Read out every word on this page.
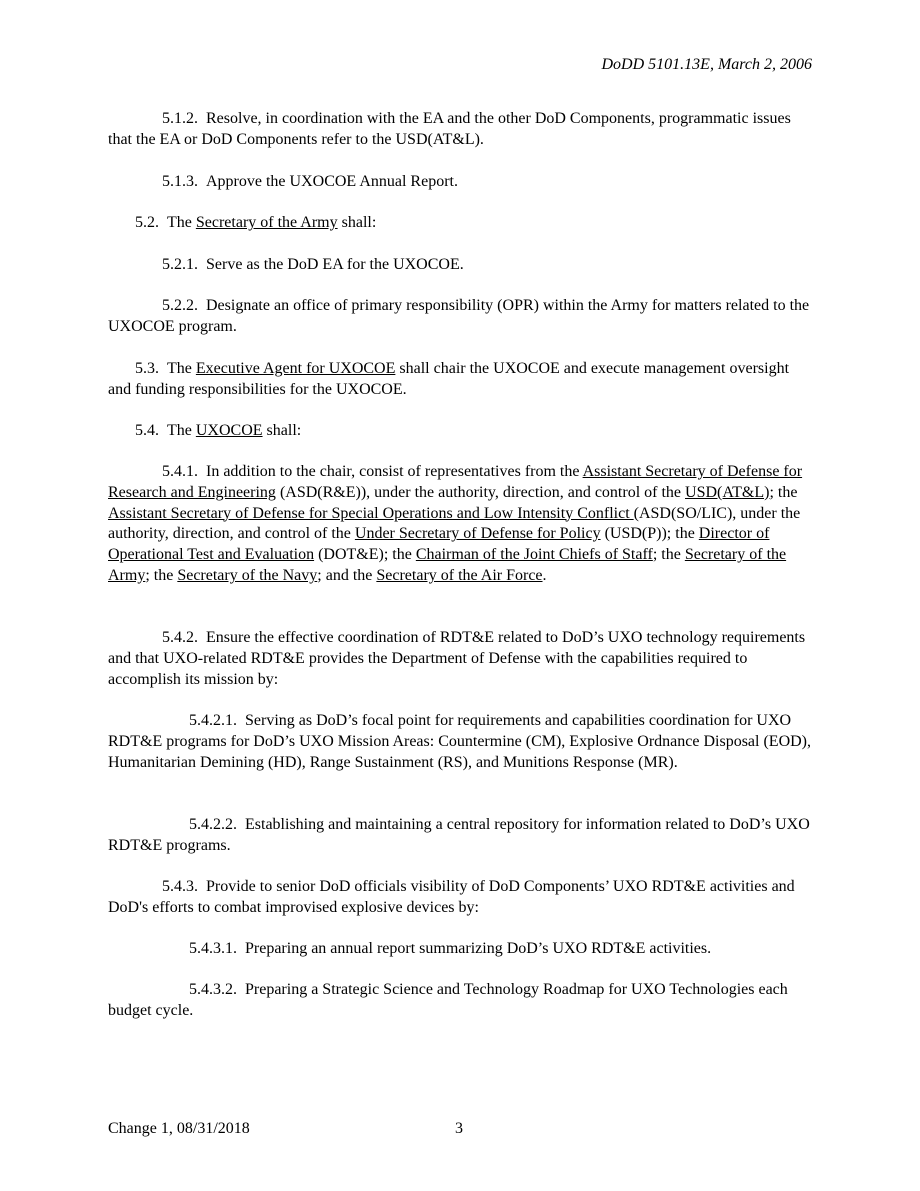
DoDD 5101.13E, March 2, 2006

5.1.2. Resolve, in coordination with the EA and the other DoD Components, programmatic issues that the EA or DoD Components refer to the USD(AT&L).

5.1.3. Approve the UXOCOE Annual Report.

5.2. The Secretary of the Army shall:

5.2.1. Serve as the DoD EA for the UXOCOE.

5.2.2. Designate an office of primary responsibility (OPR) within the Army for matters related to the UXOCOE program.

5.3. The Executive Agent for UXOCOE shall chair the UXOCOE and execute management oversight and funding responsibilities for the UXOCOE.

5.4. The UXOCOE shall:

5.4.1. In addition to the chair, consist of representatives from the Assistant Secretary of Defense for Research and Engineering (ASD(R&E)), under the authority, direction, and control of the USD(AT&L); the Assistant Secretary of Defense for Special Operations and Low Intensity Conflict (ASD(SO/LIC), under the authority, direction, and control of the Under Secretary of Defense for Policy (USD(P)); the Director of Operational Test and Evaluation (DOT&E); the Chairman of the Joint Chiefs of Staff; the Secretary of the Army; the Secretary of the Navy; and the Secretary of the Air Force.

5.4.2. Ensure the effective coordination of RDT&E related to DoD’s UXO technology requirements and that UXO-related RDT&E provides the Department of Defense with the capabilities required to accomplish its mission by:

5.4.2.1. Serving as DoD’s focal point for requirements and capabilities coordination for UXO RDT&E programs for DoD’s UXO Mission Areas: Countermine (CM), Explosive Ordnance Disposal (EOD), Humanitarian Demining (HD), Range Sustainment (RS), and Munitions Response (MR).

5.4.2.2. Establishing and maintaining a central repository for information related to DoD’s UXO RDT&E programs.

5.4.3. Provide to senior DoD officials visibility of DoD Components’ UXO RDT&E activities and DoD's efforts to combat improvised explosive devices by:

5.4.3.1. Preparing an annual report summarizing DoD’s UXO RDT&E activities.

5.4.3.2. Preparing a Strategic Science and Technology Roadmap for UXO Technologies each budget cycle.

Change 1, 08/31/2018	3
